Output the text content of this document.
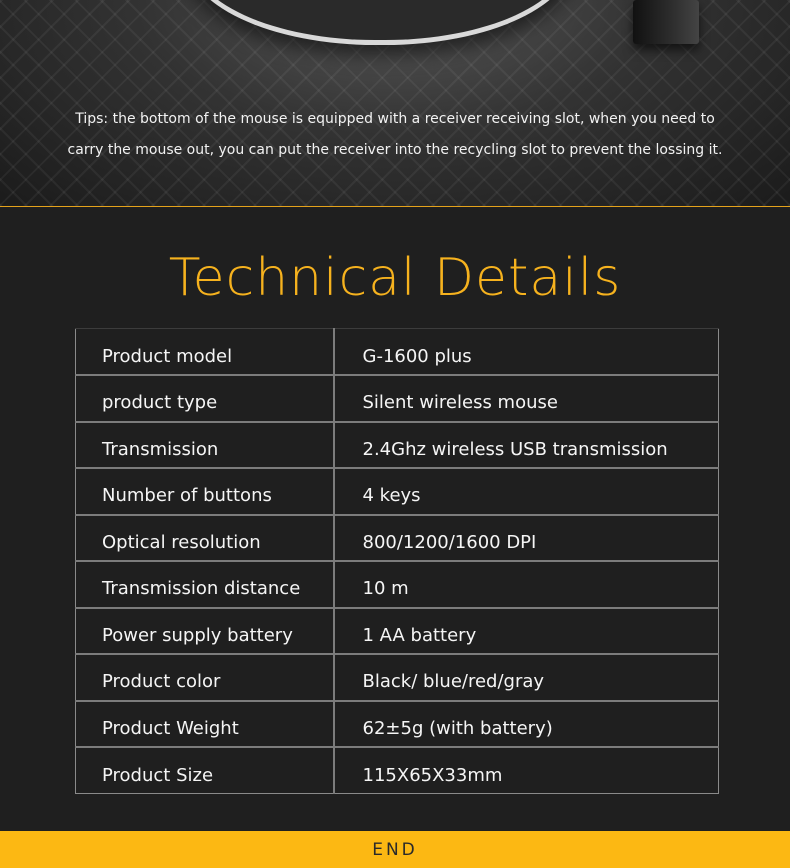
Tips: the bottom of the mouse is equipped with a receiver receiving slot, when you need to carry the mouse out, you can put the receiver into the recycling slot to prevent the lossing it.

Technical Details
Product model	G-1600 plus
product type	Silent wireless mouse
Transmission	2.4Ghz wireless USB transmission
Number of buttons	4 keys
Optical resolution	800/1200/1600 DPI
Transmission distance	10 m
Power supply battery	1 AA battery
Product color	Black/ blue/red/gray
Product Weight	62±5g (with battery)
Product Size	115X65X33mm
END
